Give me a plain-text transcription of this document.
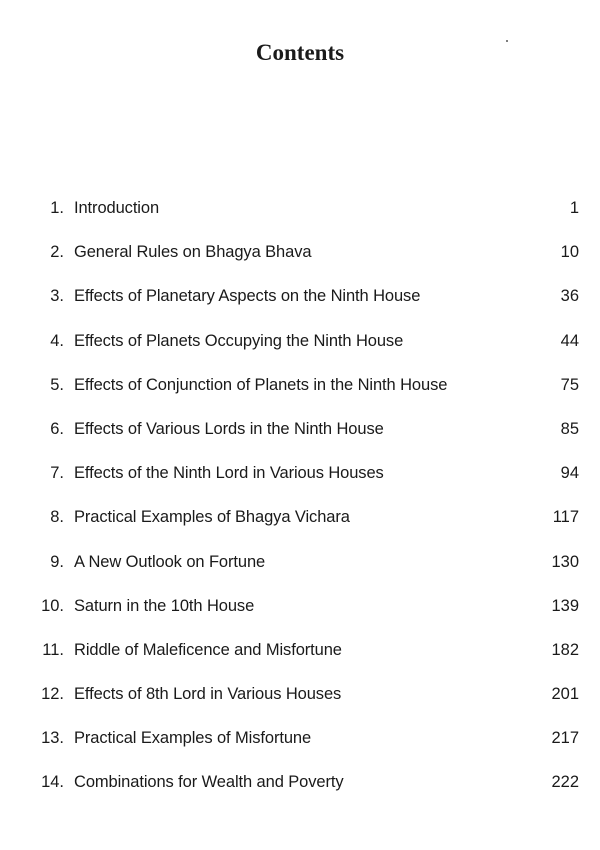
Contents
1. Introduction	1
2. General Rules on Bhagya Bhava	10
3. Effects of Planetary Aspects on the Ninth House	36
4. Effects of Planets Occupying the Ninth House	44
5. Effects of Conjunction of Planets in the Ninth House	75
6. Effects of Various Lords in the Ninth House	85
7. Effects of the Ninth Lord in Various Houses	94
8. Practical Examples of Bhagya Vichara	117
9. A New Outlook on Fortune	130
10. Saturn in the 10th House	139
11. Riddle of Maleficence and Misfortune	182
12. Effects of 8th Lord in Various Houses	201
13. Practical Examples of Misfortune	217
14. Combinations for Wealth and Poverty	222
